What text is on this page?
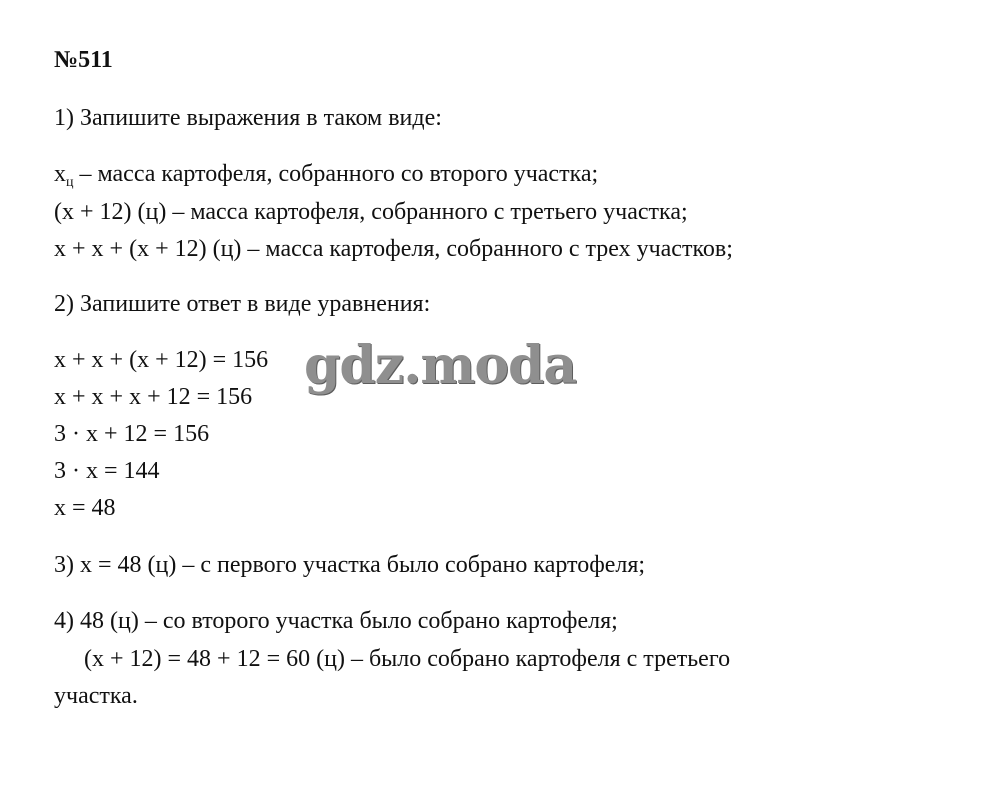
№511
1) Запишите выражения в таком виде:
$x_ц$ – масса картофеля, собранного со второго участка;
(x + 12) (ц) – масса картофеля, собранного с третьего участка;
x + x + (x + 12) (ц) – масса картофеля, собранного с трех участков;
2) Запишите ответ в виде уравнения:
x + x + (x + 12) = 156
x + x + x + 12 = 156
3 · x + 12 = 156
3 · x = 144
x = 48
3) x = 48 (ц) – с первого участка было собрано картофеля;
4) 48 (ц) – со второго участка было собрано картофеля;
(x + 12) = 48 + 12 = 60 (ц) – было собрано картофеля с третьего
участка.
gdz.moda
